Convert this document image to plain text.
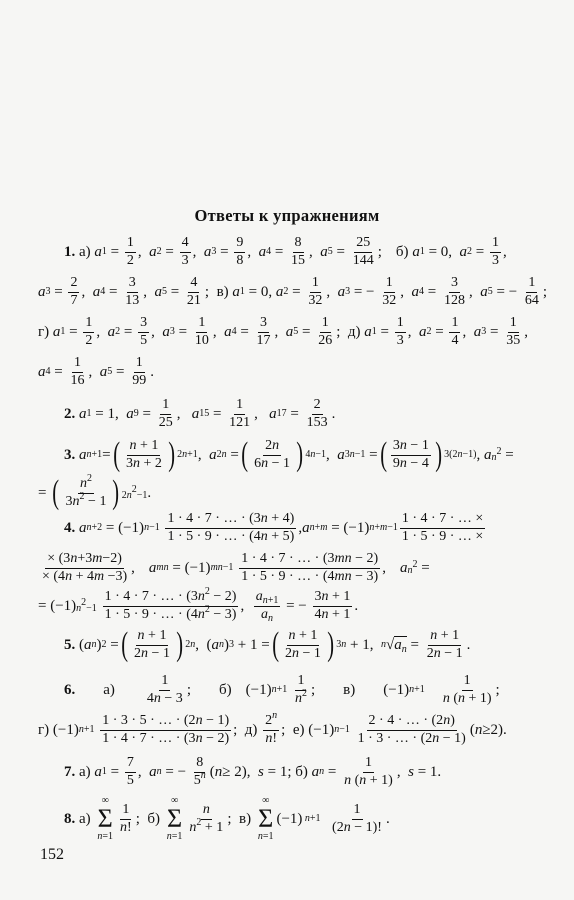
Ответы к упражнениям
1. а) a $1 = \frac{1}{2}$ , a $2 = \frac{4}{3}$ , a $3 = \frac{9}{8}$ , a $4 = \frac{8}{15}$ , a $5 = \frac{25}{144}$ ;
б) a 1 = 0, a $2 = \frac{1}{3}$ ,
a $3 = \frac{2}{7}$ , a $4 = \frac{3}{13}$ , a $5 = \frac{4}{21}$ ;  в) a 1 = 0, a $2 = \frac{1}{32}$ , a 3 = − $\frac{1}{32}$ , a $4 = \frac{3}{128}$ , a 5 = − $\frac{1}{64}$ ;
г) a $1 = \frac{1}{2}$ , a $2 = \frac{3}{5}$ , a $3 = \frac{1}{10}$ , a $4 = \frac{3}{17}$ , a $5 = \frac{1}{26}$ ;  д) a $1 = \frac{1}{3}$ , a $2 = \frac{1}{4}$ , a $3 = \frac{1}{35}$ ,
a $4 = \frac{1}{16}$ , a $5 = \frac{1}{99}$ .
2.
a 1 = 1, a $9 = \frac{1}{25}$ , a $15 = \frac{1}{121}$ , a $17 = \frac{2}{153}$ .
3.
a n+1 = ( $\frac{n + 1}{3n + 2}$ ) 2n+1 , a 2n = ( $\frac{2n}{6n - 1}$ ) 4n−1 , a 3n−1 = ( $\frac{3n - 1}{9n - 4}$ ) 3(2n−1) , a $n^2$ =
= ( $\frac{n^2}{3n^2 - 1}$ ) $2n^2-1$ .
4.
a n+2 = (−1) n−1
$\frac{1 \cdot 4 \cdot 7 \cdot \dots \cdot (3n + 4)}{1 \cdot 5 \cdot 9 \cdot \dots \cdot (4n + 5)}$ , a n+m = (−1) $n+m-1 \frac{1 \cdot 4 \cdot 7 \cdot \dots \times}{1 \cdot 5 \cdot 9 \cdot \dots \times}$
$\frac{\times (3n+3m-2)}{\times (4n + 4m -3)}$ , a mn = (−1) mn−1
$\frac{1 \cdot 4 \cdot 7 \cdot \dots \cdot (3mn - 2)}{1 \cdot 5 \cdot 9 \cdot \dots \cdot (4mn - 3)}$ , a $n^2$ =
= (−1) $n^2-1$
$\frac{1 \cdot 4 \cdot 7 \cdot \dots \cdot (3n^2 - 2)}{1 \cdot 5 \cdot 9 \cdot \dots \cdot (4n^2 - 3)}$ , $\frac{a_{n+1}}{a_n}$ = − $\frac{3n + 1}{4n + 1}$ .
5. ( a n ) 2 = ( $\frac{n + 1}{2n - 1}$ ) 2n ,  ( a n ) 3 + 1 = ( $\frac{n + 1}{2n - 1}$ ) 3n + 1, n √ $a_n = \frac{n + 1}{2n - 1}$ .
6. $а) \frac{1}{4n - 3}$ ;
б) (−1) n+1
$\frac{1}{n^2}$ ;
в) (−1) $n+1 \frac{1}{n (n + 1)}$ ;
г) (−1) n+1
$\frac{1 \cdot 3 \cdot 5 \cdot \dots \cdot (2n - 1)}{1 \cdot 4 \cdot 7 \cdot \dots \cdot (3n - 2)}$ ;  $д) \frac{2^n}{n!}$ ;  е) (−1) n−1
$\frac{2 \cdot 4 \cdot \dots \cdot (2n)}{1 \cdot 3 \cdot \dots \cdot (2n - 1)}$ ( n ≥2).
7. а) a $1 = \frac{7}{5}$ , a n = − $\frac{8}{5^n}$ ( n ≥ 2), s = 1; б) a $n = \frac{1}{n (n + 1)}$ , s = 1.
8. а)
∞
Σ
n=1
$\frac{1}{n!}$ ;  б)
∞
Σ
n=1
$\frac{n}{n^2 + 1}$ ;  в)
∞
Σ
n=1
(−1) n+1
$\frac{1}{(2n - 1)!}$ .
152
